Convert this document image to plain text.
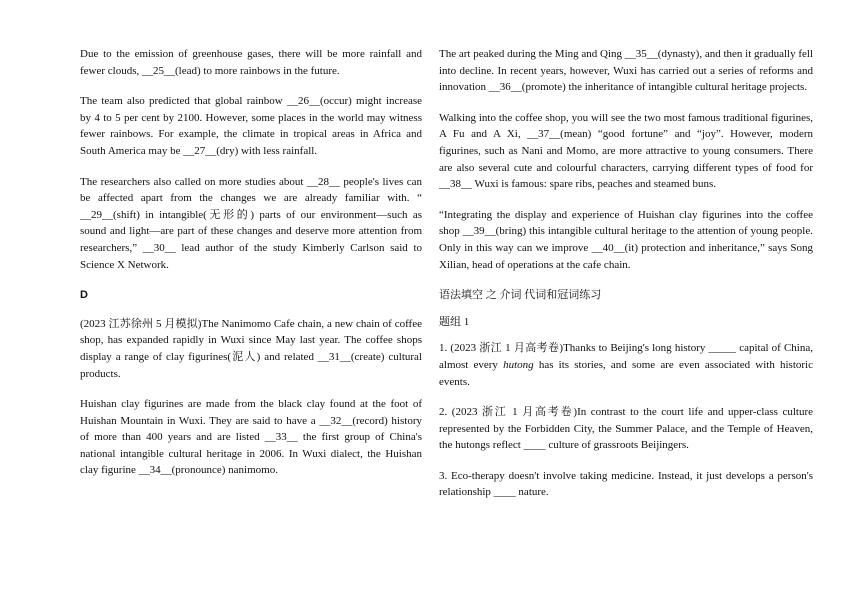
Due to the emission of greenhouse gases, there will be more rainfall and fewer clouds, __25__(lead) to more rainbows in the future.

The team also predicted that global rainbow __26__(occur) might increase by 4 to 5 per cent by 2100. However, some places in the world may witness fewer rainbows. For example, the climate in tropical areas in Africa and South America may be __27__(dry) with less rainfall.

The researchers also called on more studies about __28__ people's lives can be affected apart from the changes we are already familiar with. “ __29__(shift) in intangible(无形的) parts of our environment—such as sound and light—are part of these changes and deserve more attention from researchers,” __30__ lead author of the study Kimberly Carlson said to Science X Network.

D

(2023 江苏徐州 5 月模拟)The Nanimomo Cafe chain, a new chain of coffee shop, has expanded rapidly in Wuxi since May last year. The coffee shops display a range of clay figurines(泥人) and related __31__(create) cultural products.

Huishan clay figurines are made from the black clay found at the foot of Huishan Mountain in Wuxi. They are said to have a __32__(record) history of more than 400 years and are listed __33__ the first group of China's national intangible cultural heritage in 2006. In Wuxi dialect, the Huishan clay figurine __34__(pronounce) nanimomo.

The art peaked during the Ming and Qing __35__(dynasty), and then it gradually fell into decline. In recent years, however, Wuxi has carried out a series of reforms and innovation __36__(promote) the inheritance of intangible cultural heritage projects.

Walking into the coffee shop, you will see the two most famous traditional figurines, A Fu and A Xi, __37__(mean) “good fortune” and “joy”. However, modern figurines, such as Nani and Momo, are more attractive to young consumers. There are also several cute and colourful characters, carrying different types of food for __38__ Wuxi is famous: spare ribs, peaches and steamed buns.

“Integrating the display and experience of Huishan clay figurines into the coffee shop __39__(bring) this intangible cultural heritage to the attention of young people. Only in this way can we improve __40__(it) protection and inheritance,” says Song Xilian, head of operations at the cafe chain.

语法填空 之 介词 代词和冠词练习

题组 1

1. (2023 浙江 1 月高考卷)Thanks to Beijing's long history _____ capital of China, almost every hutong has its stories, and some are even associated with historic events.

2. (2023 浙江 1 月高考卷)In contrast to the court life and upper-class culture represented by the Forbidden City, the Summer Palace, and the Temple of Heaven, the hutongs reflect ____ culture of grassroots Beijingers.

3. Eco-therapy doesn't involve taking medicine. Instead, it just develops a person's relationship ____ nature.
